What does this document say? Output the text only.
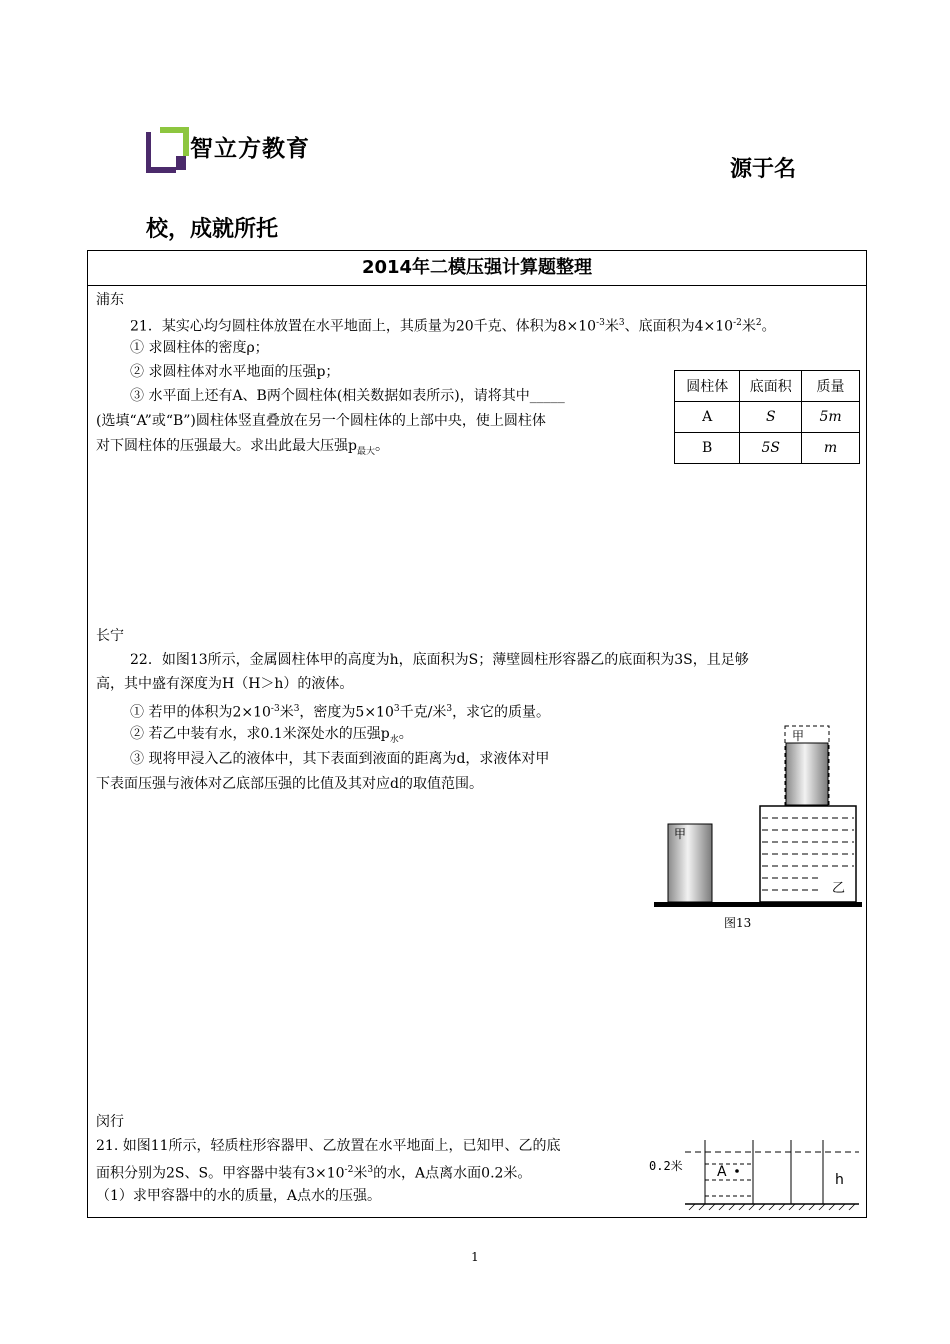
智立方教育
源于名
校，成就所托
2014年二模压强计算题整理
浦东
21．某实心均匀圆柱体放置在水平地面上，其质量为20千克、体积为$8\times 10^{-3}$米$^3$、底面积为$4\times 10^{-2}$米$^2$。
① 求圆柱体的密度ρ；
② 求圆柱体对水平地面的压强p；
③ 水平面上还有A、B两个圆柱体(相关数据如表所示)，请将其中_____
(选填“A”或“B”)圆柱体竖直叠放在另一个圆柱体的上部中央，使上圆柱体
对下圆柱体的压强最大。求出此最大压强$p_{最大}$。
圆柱体	底面积	质量
A	S	5m
B	5S	m
长宁
22．如图13所示，金属圆柱体甲的高度为h，底面积为S；薄壁圆柱形容器乙的底面积为3S，且足够
高，其中盛有深度为H（H＞h）的液体。
① 若甲的体积为$2\times 10^{-3}$米$^3$，密度为$5\times 10^3$千克/米$^3$，求它的质量。
② 若乙中装有水，求0.1米深处水的压强$p_水$。
③ 现将甲浸入乙的液体中，其下表面到液面的距离为d，求液体对甲
下表面压强与液体对乙底部压强的比值及其对应d的取值范围。
甲
甲
乙
图13
闵行
21. 如图11所示，轻质柱形容器甲、乙放置在水平地面上，已知甲、乙的底
面积分别为2S、S。甲容器中装有$3\times 10^{-2}$米$^3$的水，A点离水面0.2米。
（1）求甲容器中的水的质量，A点水的压强。
0.2米 A	h
1
